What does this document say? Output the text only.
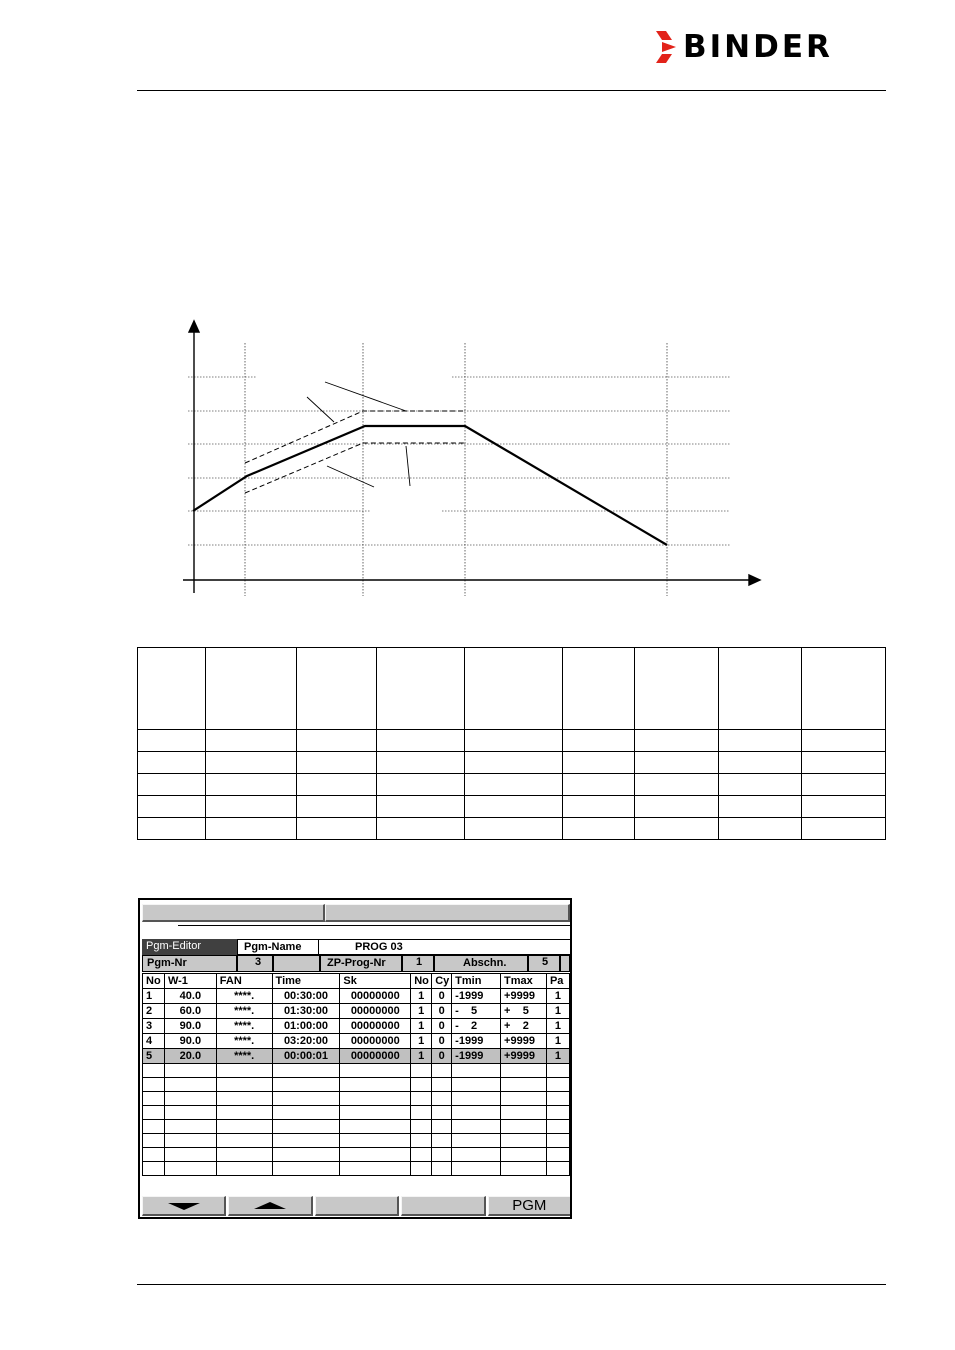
BINDER

Pgm-Editor	Pgm-Name	PROG 03
Pgm-Nr	3	ZP-Prog-Nr	1	Abschn.	5
No	W-1	FAN	Time	Sk	No	Cy	Tmin	Tmax	Pa
1	40.0	****.	00:30:00	00000000	1	0	-1999	+9999	1
2	60.0	****.	01:30:00	00000000	1	0	-    5	+    5	1
3	90.0	****.	01:00:00	00000000	1	0	-    2	+    2	1
4	90.0	****.	03:20:00	00000000	1	0	-1999	+9999	1
5	20.0	****.	00:00:01	00000000	1	0	-1999	+9999	1

PGM
